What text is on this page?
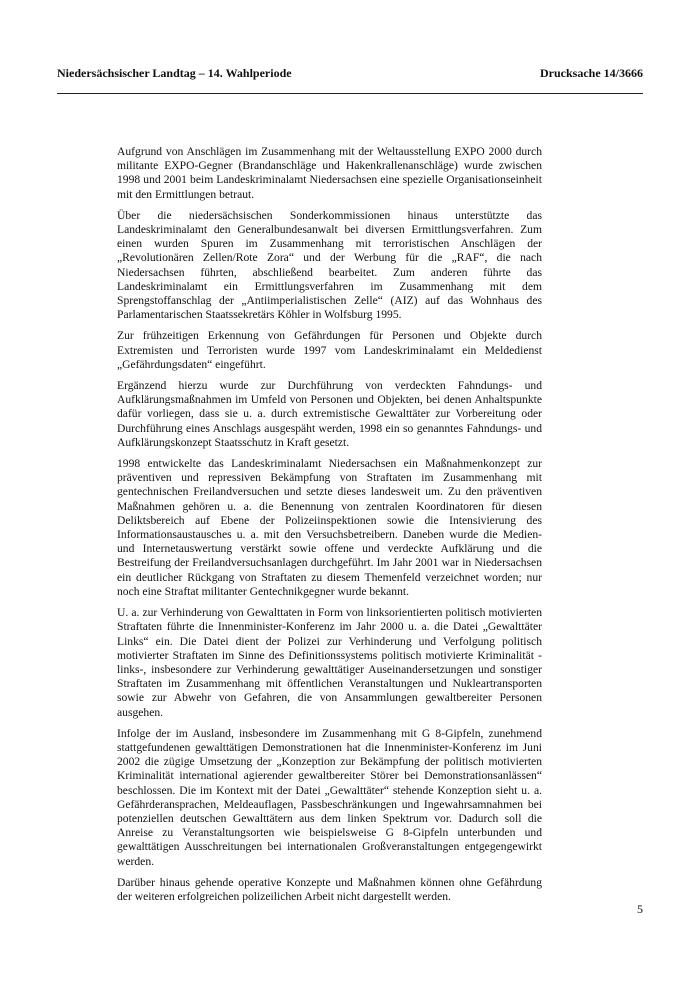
Niedersächsischer Landtag – 14. Wahlperiode	Drucksache 14/3666

Aufgrund von Anschlägen im Zusammenhang mit der Weltausstellung EXPO 2000 durch militante EXPO-Gegner (Brandanschläge und Hakenkrallenanschläge) wurde zwischen 1998 und 2001 beim Landeskriminalamt Niedersachsen eine spezielle Organisationseinheit mit den Ermittlungen betraut.

Über die niedersächsischen Sonderkommissionen hinaus unterstützte das Landeskriminalamt den Generalbundesanwalt bei diversen Ermittlungsverfahren. Zum einen wurden Spuren im Zusammenhang mit terroristischen Anschlägen der „Revolutionären Zellen/Rote Zora“ und der Werbung für die „RAF“, die nach Niedersachsen führten, abschließend bearbeitet. Zum anderen führte das Landeskriminalamt ein Ermittlungsverfahren im Zusammenhang mit dem Sprengstoffanschlag der „Antiimperialistischen Zelle“ (AIZ) auf das Wohnhaus des Parlamentarischen Staatssekretärs Köhler in Wolfsburg 1995.

Zur frühzeitigen Erkennung von Gefährdungen für Personen und Objekte durch Extremisten und Terroristen wurde 1997 vom Landeskriminalamt ein Meldedienst „Gefährdungsdaten“ eingeführt.

Ergänzend hierzu wurde zur Durchführung von verdeckten Fahndungs- und Aufklärungsmaßnahmen im Umfeld von Personen und Objekten, bei denen Anhaltspunkte dafür vorliegen, dass sie u. a. durch extremistische Gewalttäter zur Vorbereitung oder Durchführung eines Anschlags ausgespäht werden, 1998 ein so genanntes Fahndungs- und Aufklärungskonzept Staatsschutz in Kraft gesetzt.

1998 entwickelte das Landeskriminalamt Niedersachsen ein Maßnahmenkonzept zur präventiven und repressiven Bekämpfung von Straftaten im Zusammenhang mit gentechnischen Freilandversuchen und setzte dieses landesweit um. Zu den präventiven Maßnahmen gehören u. a. die Benennung von zentralen Koordinatoren für diesen Deliktsbereich auf Ebene der Polizeiinspektionen sowie die Intensivierung des Informationsaustausches u. a. mit den Versuchsbetreibern. Daneben wurde die Medien- und Internetauswertung verstärkt sowie offene und verdeckte Aufklärung und die Bestreifung der Freilandversuchsanlagen durchgeführt. Im Jahr 2001 war in Niedersachsen ein deutlicher Rückgang von Straftaten zu diesem Themenfeld verzeichnet worden; nur noch eine Straftat militanter Gentechnikgegner wurde bekannt.

U. a. zur Verhinderung von Gewalttaten in Form von linksorientierten politisch motivierten Straftaten führte die Innenminister-Konferenz im Jahr 2000 u. a. die Datei „Gewalttäter Links“ ein. Die Datei dient der Polizei zur Verhinderung und Verfolgung politisch motivierter Straftaten im Sinne des Definitionssystems politisch motivierte Kriminalität -links-, insbesondere zur Verhinderung gewalttätiger Auseinandersetzungen und sonstiger Straftaten im Zusammenhang mit öffentlichen Veranstaltungen und Nukleartransporten sowie zur Abwehr von Gefahren, die von Ansammlungen gewaltbereiter Personen ausgehen.

Infolge der im Ausland, insbesondere im Zusammenhang mit G 8-Gipfeln, zunehmend stattgefundenen gewalttätigen Demonstrationen hat die Innenminister-Konferenz im Juni 2002 die zügige Umsetzung der „Konzeption zur Bekämpfung der politisch motivierten Kriminalität international agierender gewaltbereiter Störer bei Demonstrationsanlässen“ beschlossen. Die im Kontext mit der Datei „Gewalttäter“ stehende Konzeption sieht u. a. Gefährderansprachen, Meldeauflagen, Passbeschränkungen und Ingewahrsamnahmen bei potenziellen deutschen Gewalttätern aus dem linken Spektrum vor. Dadurch soll die Anreise zu Veranstaltungsorten wie beispielsweise G 8-Gipfeln unterbunden und gewalttätigen Ausschreitungen bei internationalen Großveranstaltungen entgegengewirkt werden.

Darüber hinaus gehende operative Konzepte und Maßnahmen können ohne Gefährdung der weiteren erfolgreichen polizeilichen Arbeit nicht dargestellt werden.

5
